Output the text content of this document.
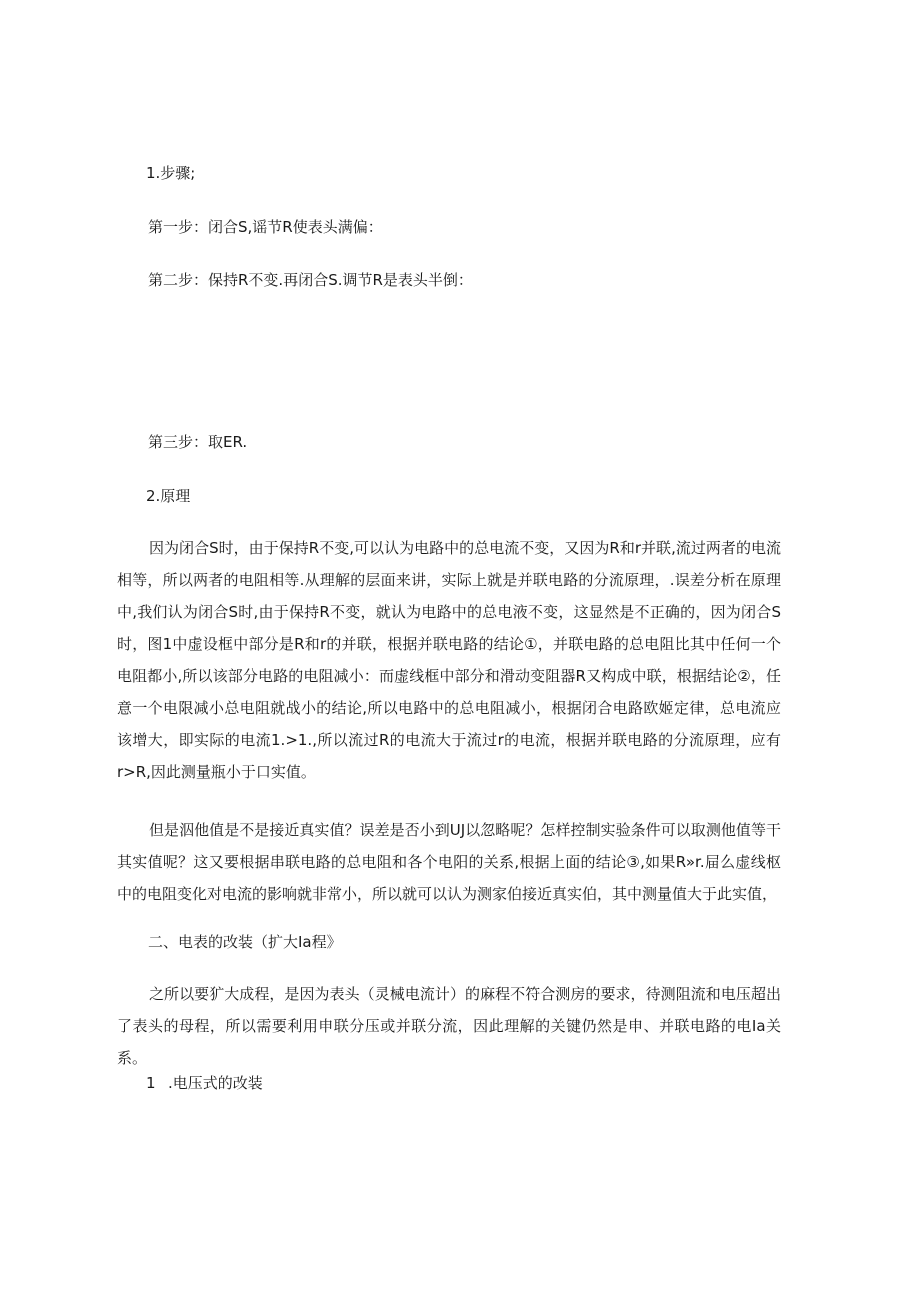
1.步骤;
第一步：闭合S,谣节R使表头满偏：
第二步：保持R不变.再闭合S.调节R是表头半倒：
第三步：取ER.
2.原理

因为闭合S时，由于保持R不变,可以认为电路中的总电流不变，又因为R和r并联,流过两者的电流相等，所以两者的电阻相等.从理解的层面来讲，实际上就是并联电路的分流原理，.误差分析在原理中,我们认为闭合S时,由于保持R不变，就认为电路中的总电液不变，这显然是不正确的，因为闭合S时，图1中虚设框中部分是R和r的并联，根据并联电路的结论①，并联电路的总电阻比其中任何一个电阻都小,所以该部分电路的电阻减小：而虚线框中部分和滑动变阻器R又构成中联，根据结论②，任意一个电限减小总电阻就战小的结论,所以电路中的总电阻减小，根据闭合电路欧姬定律，总电流应该增大，即实际的电流1.>1.,所以流过R的电流大于流过r的电流，根据并联电路的分流原理，应有r>R,因此测量瓶小于口实值。

但是泅他值是不是接近真实值？误差是否小到UJ以忽略呢？怎样控制实验条件可以取测他值等干其实值呢？这又要根据串联电路的总电阻和各个电阳的关系,根据上面的结论③,如果R»r.屇么虚线枢中的电阻变化对电流的影响就非常小，所以就可以认为测家伯接近真实伯，其中测量值大于此实值，

二、电表的改装（扩大Ia程》

之所以要犷大成程，是因为表头（灵械电流计）的麻程不符合测房的要求，待测阻流和电压超出了表头的母程，所以需要利用申联分压或并联分流，因此理解的关键仍然是申、并联电路的电Ia关系。

1 .电压式的改装
